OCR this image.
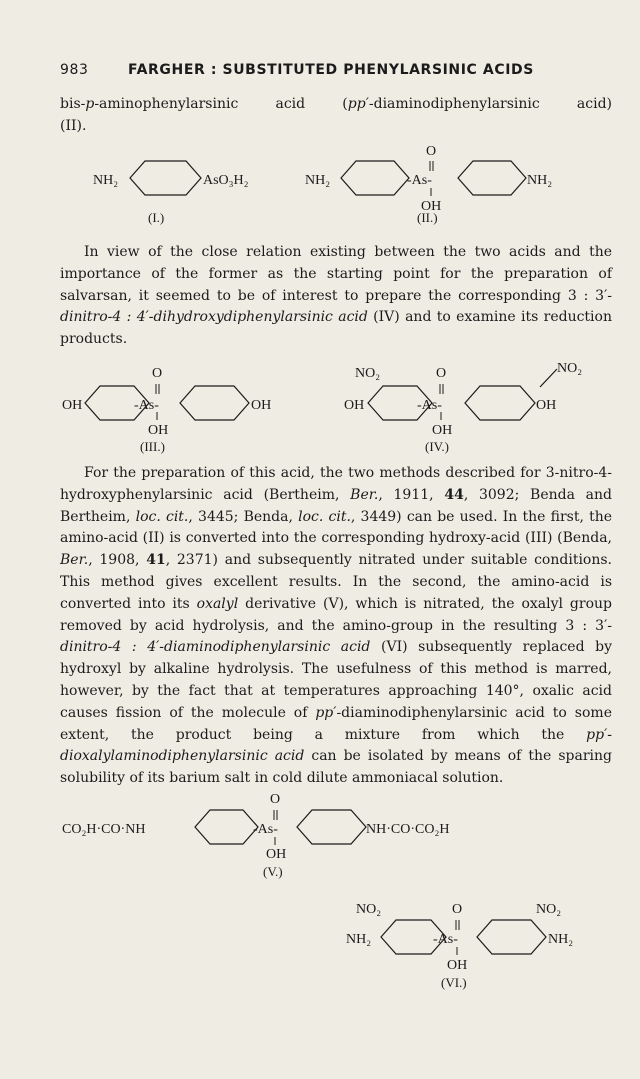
983	FARGHER : SUBSTITUTED PHENYLARSINIC ACIDS

bis-p-aminophenylarsinic acid (pp′-diaminodiphenylarsinic acid)

(II).

NH₂	AsO₃H₂
(I.)
NH₂	-As-
O
OH
NH₂
(II.)
O
OH	-As-
OH
OH
(III.)
NO₂	O	NO₂
OH	-As-
OH
OH
(IV.)
O
CO₂H·CO·NH	-As-
OH
NH·CO·CO₂H
(V.)
NO₂	O	NO₂
NH₂	-As-
OH
NH₂
(VI.)

In view of the close relation existing between the two acids and the importance of the former as the starting point for the preparation of salvarsan, it seemed to be of interest to prepare the corresponding 3 : 3′-dinitro-4 : 4′-dihydroxydiphenylarsinic acid (IV) and to examine its reduction products.

For the preparation of this acid, the two methods described for 3-nitro-4-hydroxyphenylarsinic acid (Bertheim, Ber., 1911, 44, 3092; Benda and Bertheim, loc. cit., 3445; Benda, loc. cit., 3449) can be used. In the first, the amino-acid (II) is converted into the corresponding hydroxy-acid (III) (Benda, Ber., 1908, 41, 2371) and subsequently nitrated under suitable conditions. This method gives excellent results. In the second, the amino-acid is converted into its oxalyl derivative (V), which is nitrated, the oxalyl group removed by acid hydrolysis, and the amino-group in the resulting 3 : 3′-dinitro-4 : 4′-diaminodiphenylarsinic acid (VI) subsequently replaced by hydroxyl by alkaline hydrolysis. The usefulness of this method is marred, however, by the fact that at temperatures approaching 140°, oxalic acid causes fission of the molecule of pp′-diaminodiphenylarsinic acid to some extent, the product being a mixture from which the pp′-dioxalylaminodiphenylarsinic acid can be isolated by means of the sparing solubility of its barium salt in cold dilute ammoniacal solution.
